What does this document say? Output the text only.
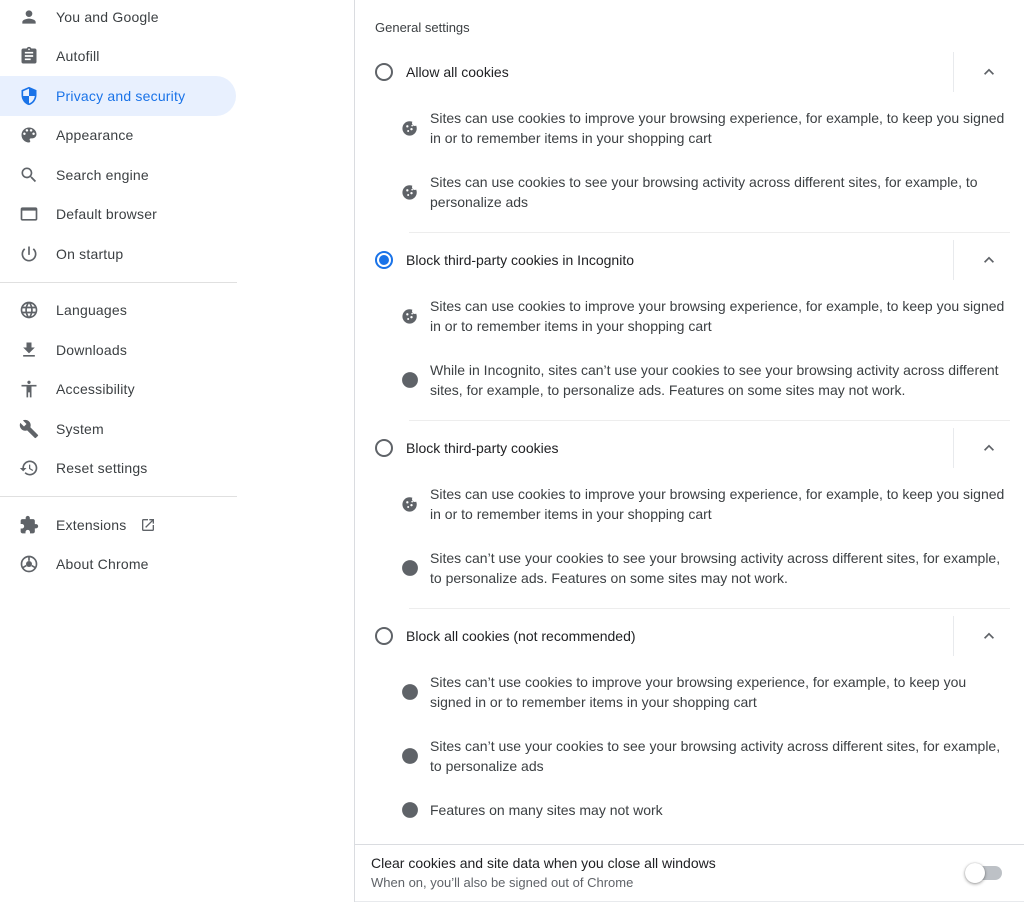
You and Google
Autofill
Privacy and security
Appearance
Search engine
Default browser
On startup
Languages
Downloads
Accessibility
System
Reset settings
Extensions
About Chrome
General settings
Allow all cookies
Sites can use cookies to improve your browsing experience, for example, to keep you signed in or to remember items in your shopping cart
Sites can use cookies to see your browsing activity across different sites, for example, to personalize ads
Block third-party cookies in Incognito
Sites can use cookies to improve your browsing experience, for example, to keep you signed in or to remember items in your shopping cart
While in Incognito, sites can’t use your cookies to see your browsing activity across different sites, for example, to personalize ads. Features on some sites may not work.
Block third-party cookies
Sites can use cookies to improve your browsing experience, for example, to keep you signed in or to remember items in your shopping cart
Sites can’t use your cookies to see your browsing activity across different sites, for example, to personalize ads. Features on some sites may not work.
Block all cookies (not recommended)
Sites can’t use cookies to improve your browsing experience, for example, to keep you signed in or to remember items in your shopping cart
Sites can’t use your cookies to see your browsing activity across different sites, for example, to personalize ads
Features on many sites may not work
Clear cookies and site data when you close all windows
When on, you’ll also be signed out of Chrome
